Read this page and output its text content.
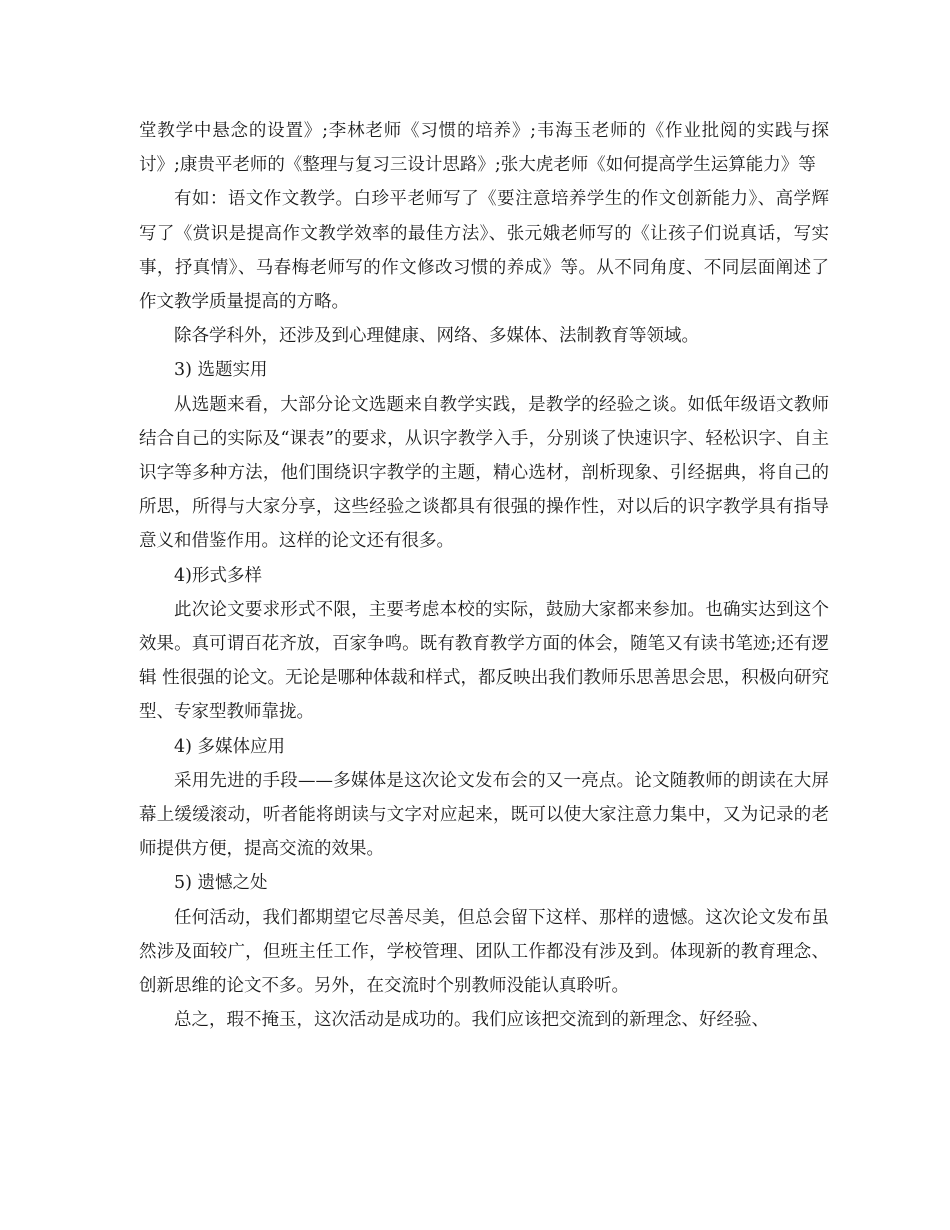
堂教学中悬念的设置》;李林老师《习惯的培养》;韦海玉老师的《作业批阅的实践与探讨》;康贵平老师的《整理与复习三设计思路》;张大虎老师《如何提高学生运算能力》等

有如：语文作文教学。白珍平老师写了《要注意培养学生的作文创新能力》、高学辉写了《赏识是提高作文教学效率的最佳方法》、张元娥老师写的《让孩子们说真话，写实事，抒真情》、马春梅老师写的作文修改习惯的养成》等。从不同角度、不同层面阐述了作文教学质量提高的方略。

除各学科外，还涉及到心理健康、网络、多媒体、法制教育等领域。

3) 选题实用

从选题来看，大部分论文选题来自教学实践，是教学的经验之谈。如低年级语文教师结合自己的实际及“课表”的要求，从识字教学入手，分别谈了快速识字、轻松识字、自主识字等多种方法，他们围绕识字教学的主题，精心选材，剖析现象、引经据典，将自己的所思，所得与大家分享，这些经验之谈都具有很强的操作性，对以后的识字教学具有指导意义和借鉴作用。这样的论文还有很多。

4)形式多样

此次论文要求形式不限，主要考虑本校的实际，鼓励大家都来参加。也确实达到这个效果。真可谓百花齐放，百家争鸣。既有教育教学方面的体会，随笔又有读书笔迹;还有逻辑 性很强的论文。无论是哪种体裁和样式，都反映出我们教师乐思善思会思，积极向研究型、专家型教师靠拢。

4) 多媒体应用

采用先进的手段——多媒体是这次论文发布会的又一亮点。论文随教师的朗读在大屏幕上缓缓滚动，听者能将朗读与文字对应起来，既可以使大家注意力集中，又为记录的老师提供方便，提高交流的效果。

5) 遗憾之处

任何活动，我们都期望它尽善尽美，但总会留下这样、那样的遗憾。这次论文发布虽然涉及面较广，但班主任工作，学校管理、团队工作都没有涉及到。体现新的教育理念、创新思维的论文不多。另外，在交流时个别教师没能认真聆听。

总之，瑕不掩玉，这次活动是成功的。我们应该把交流到的新理念、好经验、
